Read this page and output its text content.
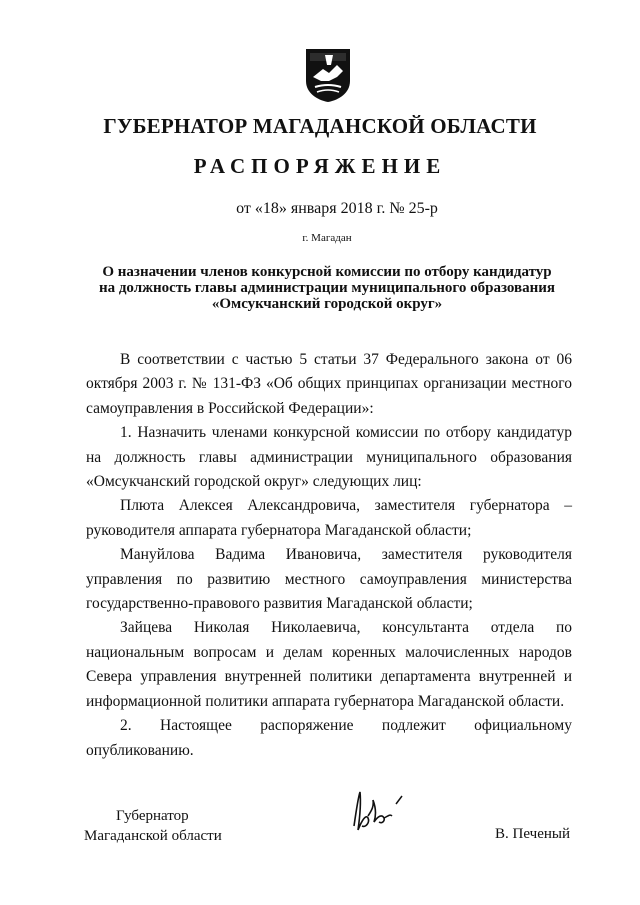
ГУБЕРНАТОР МАГАДАНСКОЙ ОБЛАСТИ
РАСПОРЯЖЕНИЕ
от «18» января 2018 г. № 25-р
г. Магадан
О назначении членов конкурсной комиссии по отбору кандидатур
на должность главы администрации муниципального образования
«Омсукчанский городской округ»

В соответствии с частью 5 статьи 37 Федерального закона от 06 октября 2003 г. № 131-ФЗ «Об общих принципах организации местного самоуправления в Российской Федерации»:

1. Назначить членами конкурсной комиссии по отбору кандидатур на должность главы администрации муниципального образования «Омсукчанский городской округ» следующих лиц:

Плюта Алексея Александровича, заместителя губернатора – руководителя аппарата губернатора Магаданской области;

Мануйлова Вадима Ивановича, заместителя руководителя управления по развитию местного самоуправления министерства государственно-правового развития Магаданской области;

Зайцева Николая Николаевича, консультанта отдела по национальным вопросам и делам коренных малочисленных народов Севера управления внутренней политики департамента внутренней и информационной политики аппарата губернатора Магаданской области.

2. Настоящее распоряжение подлежит официальному опубликованию.

Губернатор
Магаданской области	В. Печеный
